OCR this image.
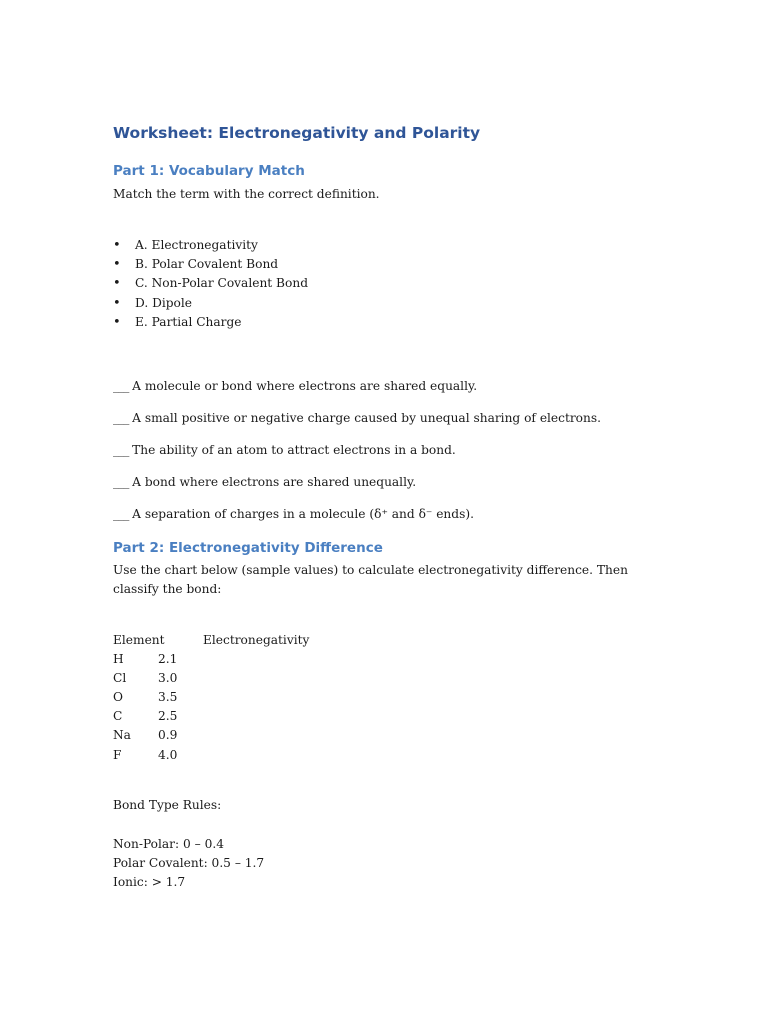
Worksheet: Electronegativity and Polarity
Part 1: Vocabulary Match

Match the term with the correct definition.

• A. Electronegativity
• B. Polar Covalent Bond
• C. Non-Polar Covalent Bond
• D. Dipole
• E. Partial Charge
___ A molecule or bond where electrons are shared equally.
___ A small positive or negative charge caused by unequal sharing of electrons.
___ The ability of an atom to attract electrons in a bond.
___ A bond where electrons are shared unequally.
___ A separation of charges in a molecule (δ⁺ and δ⁻ ends).
Part 2: Electronegativity Difference

Use the chart below (sample values) to calculate electronegativity difference. Then classify the bond:

Element	Electronegativity
H	2.1
Cl	3.0
O	3.5
C	2.5
Na 0.9
F	4.0

Bond Type Rules:

Non-Polar: 0 – 0.4

Polar Covalent: 0.5 – 1.7

Ionic: > 1.7
